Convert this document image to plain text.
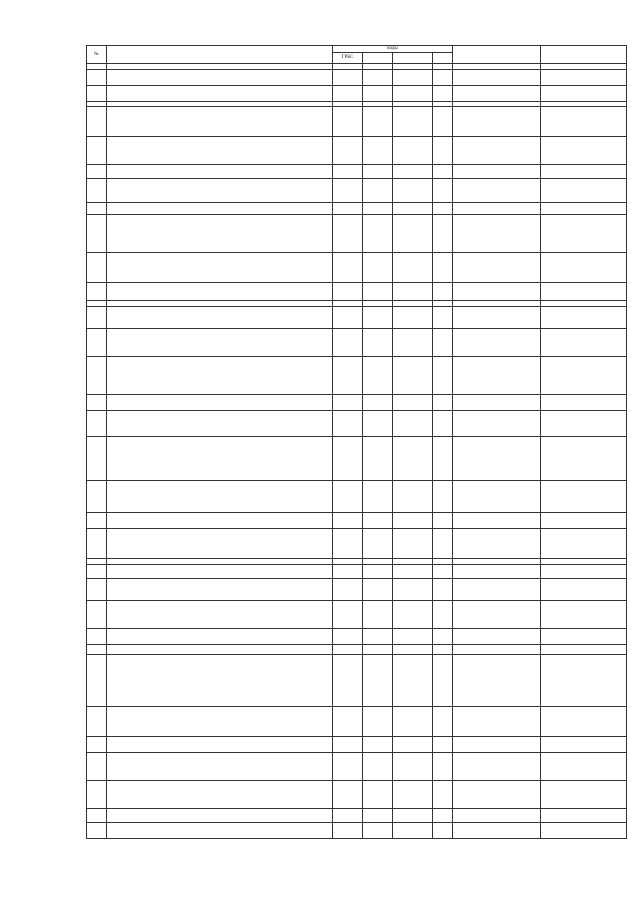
№		коды					
		ГРБС					
